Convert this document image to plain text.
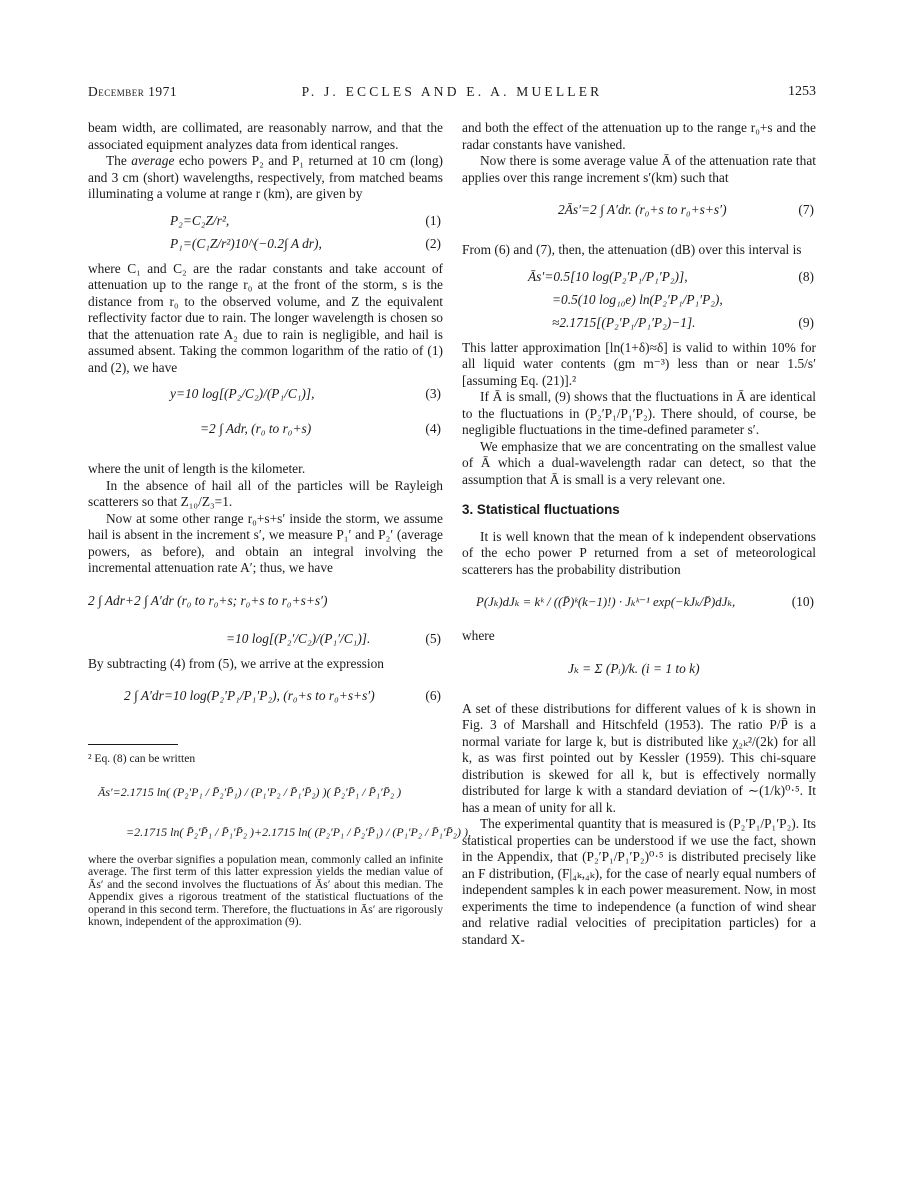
December 1971	P. J. ECCLES AND E. A. MUELLER	1253

beam width, are collimated, are reasonably narrow, and that the associated equipment analyzes data from identical ranges.

The average echo powers P₂ and P₁ returned at 10 cm (long) and 3 cm (short) wavelengths, respectively, from matched beams illuminating a volume at range r (km), are given by

P₂=C₂Z/r²,	(1)
P₁=(C₁Z/r²)10^(−0.2∫ A dr),	(2)

where C₁ and C₂ are the radar constants and take account of attenuation up to the range r₀ at the front of the storm, s is the distance from r₀ to the observed volume, and Z the equivalent reflectivity factor due to rain. The longer wavelength is chosen so that the attenuation rate A₂ due to rain is negligible, and hail is assumed absent. Taking the common logarithm of the ratio of (1) and (2), we have

y=10 log[(P₂/C₂)/(P₁/C₁)],	(3)
=2 ∫ Adr, (r₀ to r₀+s)	(4)

where the unit of length is the kilometer.

In the absence of hail all of the particles will be Rayleigh scatterers so that Z₁₀/Z₃=1.

Now at some other range r₀+s+s′ inside the storm, we assume hail is absent in the increment s′, we measure P₁′ and P₂′ (average powers, as before), and obtain an integral involving the incremental attenuation rate A′; thus, we have

2 ∫ Adr+2 ∫ A′dr (r₀ to r₀+s; r₀+s to r₀+s+s′)
=10 log[(P₂′/C₂)/(P₁′/C₁)].	(5)

By subtracting (4) from (5), we arrive at the expression

2 ∫ A′dr=10 log(P₂′P₁/P₁′P₂), (r₀+s to r₀+s+s′)	(6)
² Eq. (8) can be written
Ās′=2.1715 ln( (P₂′P₁ / P̄₂′P̄₁) / (P₁′P₂ / P̄₁′P̄₂) )( P̄₂′P̄₁ / P̄₁′P̄₂ )
=2.1715 ln( P̄₂′P̄₁ / P̄₁′P̄₂ )+2.1715 ln( (P₂′P₁ / P̄₂′P̄₁) / (P₁′P₂ / P̄₁′P̄₂) ),

where the overbar signifies a population mean, commonly called an infinite average. The first term of this latter expression yields the median value of Ās′ and the second involves the fluctuations of Ās′ about this median. The Appendix gives a rigorous treatment of the statistical fluctuations of the operand in this second term. Therefore, the fluctuations in Ās′ are rigorously known, independent of the approximation (9).

and both the effect of the attenuation up to the range r₀+s and the radar constants have vanished.

Now there is some average value Ā of the attenuation rate that applies over this range increment s′(km) such that

2Ās′=2 ∫ A′dr. (r₀+s to r₀+s+s′)	(7)

From (6) and (7), then, the attenuation (dB) over this interval is

Ās′=0.5[10 log(P₂′P₁/P₁′P₂)],	(8)
=0.5(10 log₁₀e) ln(P₂′P₁/P₁′P₂),
≈2.1715[(P₂′P₁/P₁′P₂)−1].	(9)

This latter approximation [ln(1+δ)≈δ] is valid to within 10% for all liquid water contents (gm m⁻³) less than or near 1.5/s′ [assuming Eq. (21)].²

If Ā is small, (9) shows that the fluctuations in Ā are identical to the fluctuations in (P₂′P₁/P₁′P₂). There should, of course, be negligible fluctuations in the time-defined parameter s′.

We emphasize that we are concentrating on the smallest value of Ā which a dual-wavelength radar can detect, so that the assumption that Ā is small is a very relevant one.

3. Statistical fluctuations

It is well known that the mean of k independent observations of the echo power P returned from a set of meteorological scatterers has the probability distribution

P(Jₖ)dJₖ = kᵏ / ((P̄)ᵏ(k−1)!) · Jₖᵏ⁻¹ exp(−kJₖ/P̄)dJₖ,	(10)

where

Jₖ = Σ (Pᵢ)/k. (i = 1 to k)

A set of these distributions for different values of k is shown in Fig. 3 of Marshall and Hitschfeld (1953). The ratio P/P̄ is a normal variate for large k, but is distributed like χ₂ₖ²/(2k) for all k, as was first pointed out by Kessler (1959). This chi-square distribution is skewed for all k, but is effectively normally distributed for large k with a standard deviation of ∼(1/k)⁰·⁵. It has a mean of unity for all k.

The experimental quantity that is measured is (P₂′P₁/P₁′P₂). Its statistical properties can be understood if we use the fact, shown in the Appendix, that (P₂′P₁/P₁′P₂)⁰·⁵ is distributed precisely like an F distribution, (F|₄ₖ,₄ₖ), for the case of nearly equal numbers of independent samples k in each power measurement. Now, in most experiments the time to independence (a function of wind shear and relative radial velocities of precipitation particles) for a standard X-
